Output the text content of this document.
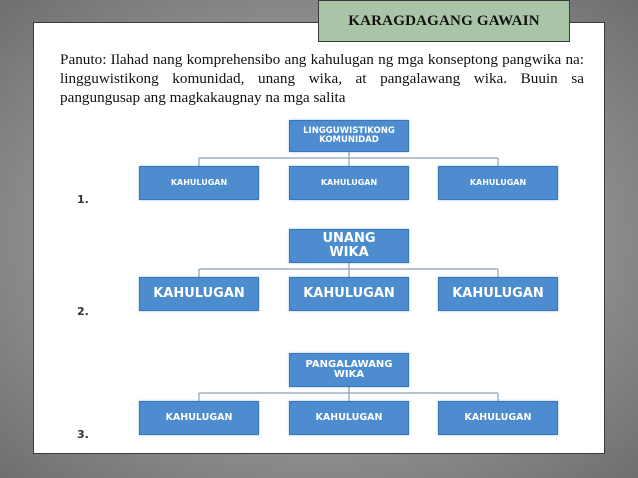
KARAGDAGANG GAWAIN
Panuto: Ilahad nang komprehensibo ang kahulugan ng mga konseptong pangwika na: lingguwistikong komunidad, unang wika, at pangalawang wika. Buuin sa pangungusap ang magkakaugnay na mga salita
LINGGUWISTIKONG KOMUNIDAD
KAHULUGAN	KAHULUGAN	KAHULUGAN
1.
UNANG WIKA
KAHULUGAN	KAHULUGAN	KAHULUGAN
2.
PANGALAWANG WIKA
KAHULUGAN	KAHULUGAN	KAHULUGAN
3.
